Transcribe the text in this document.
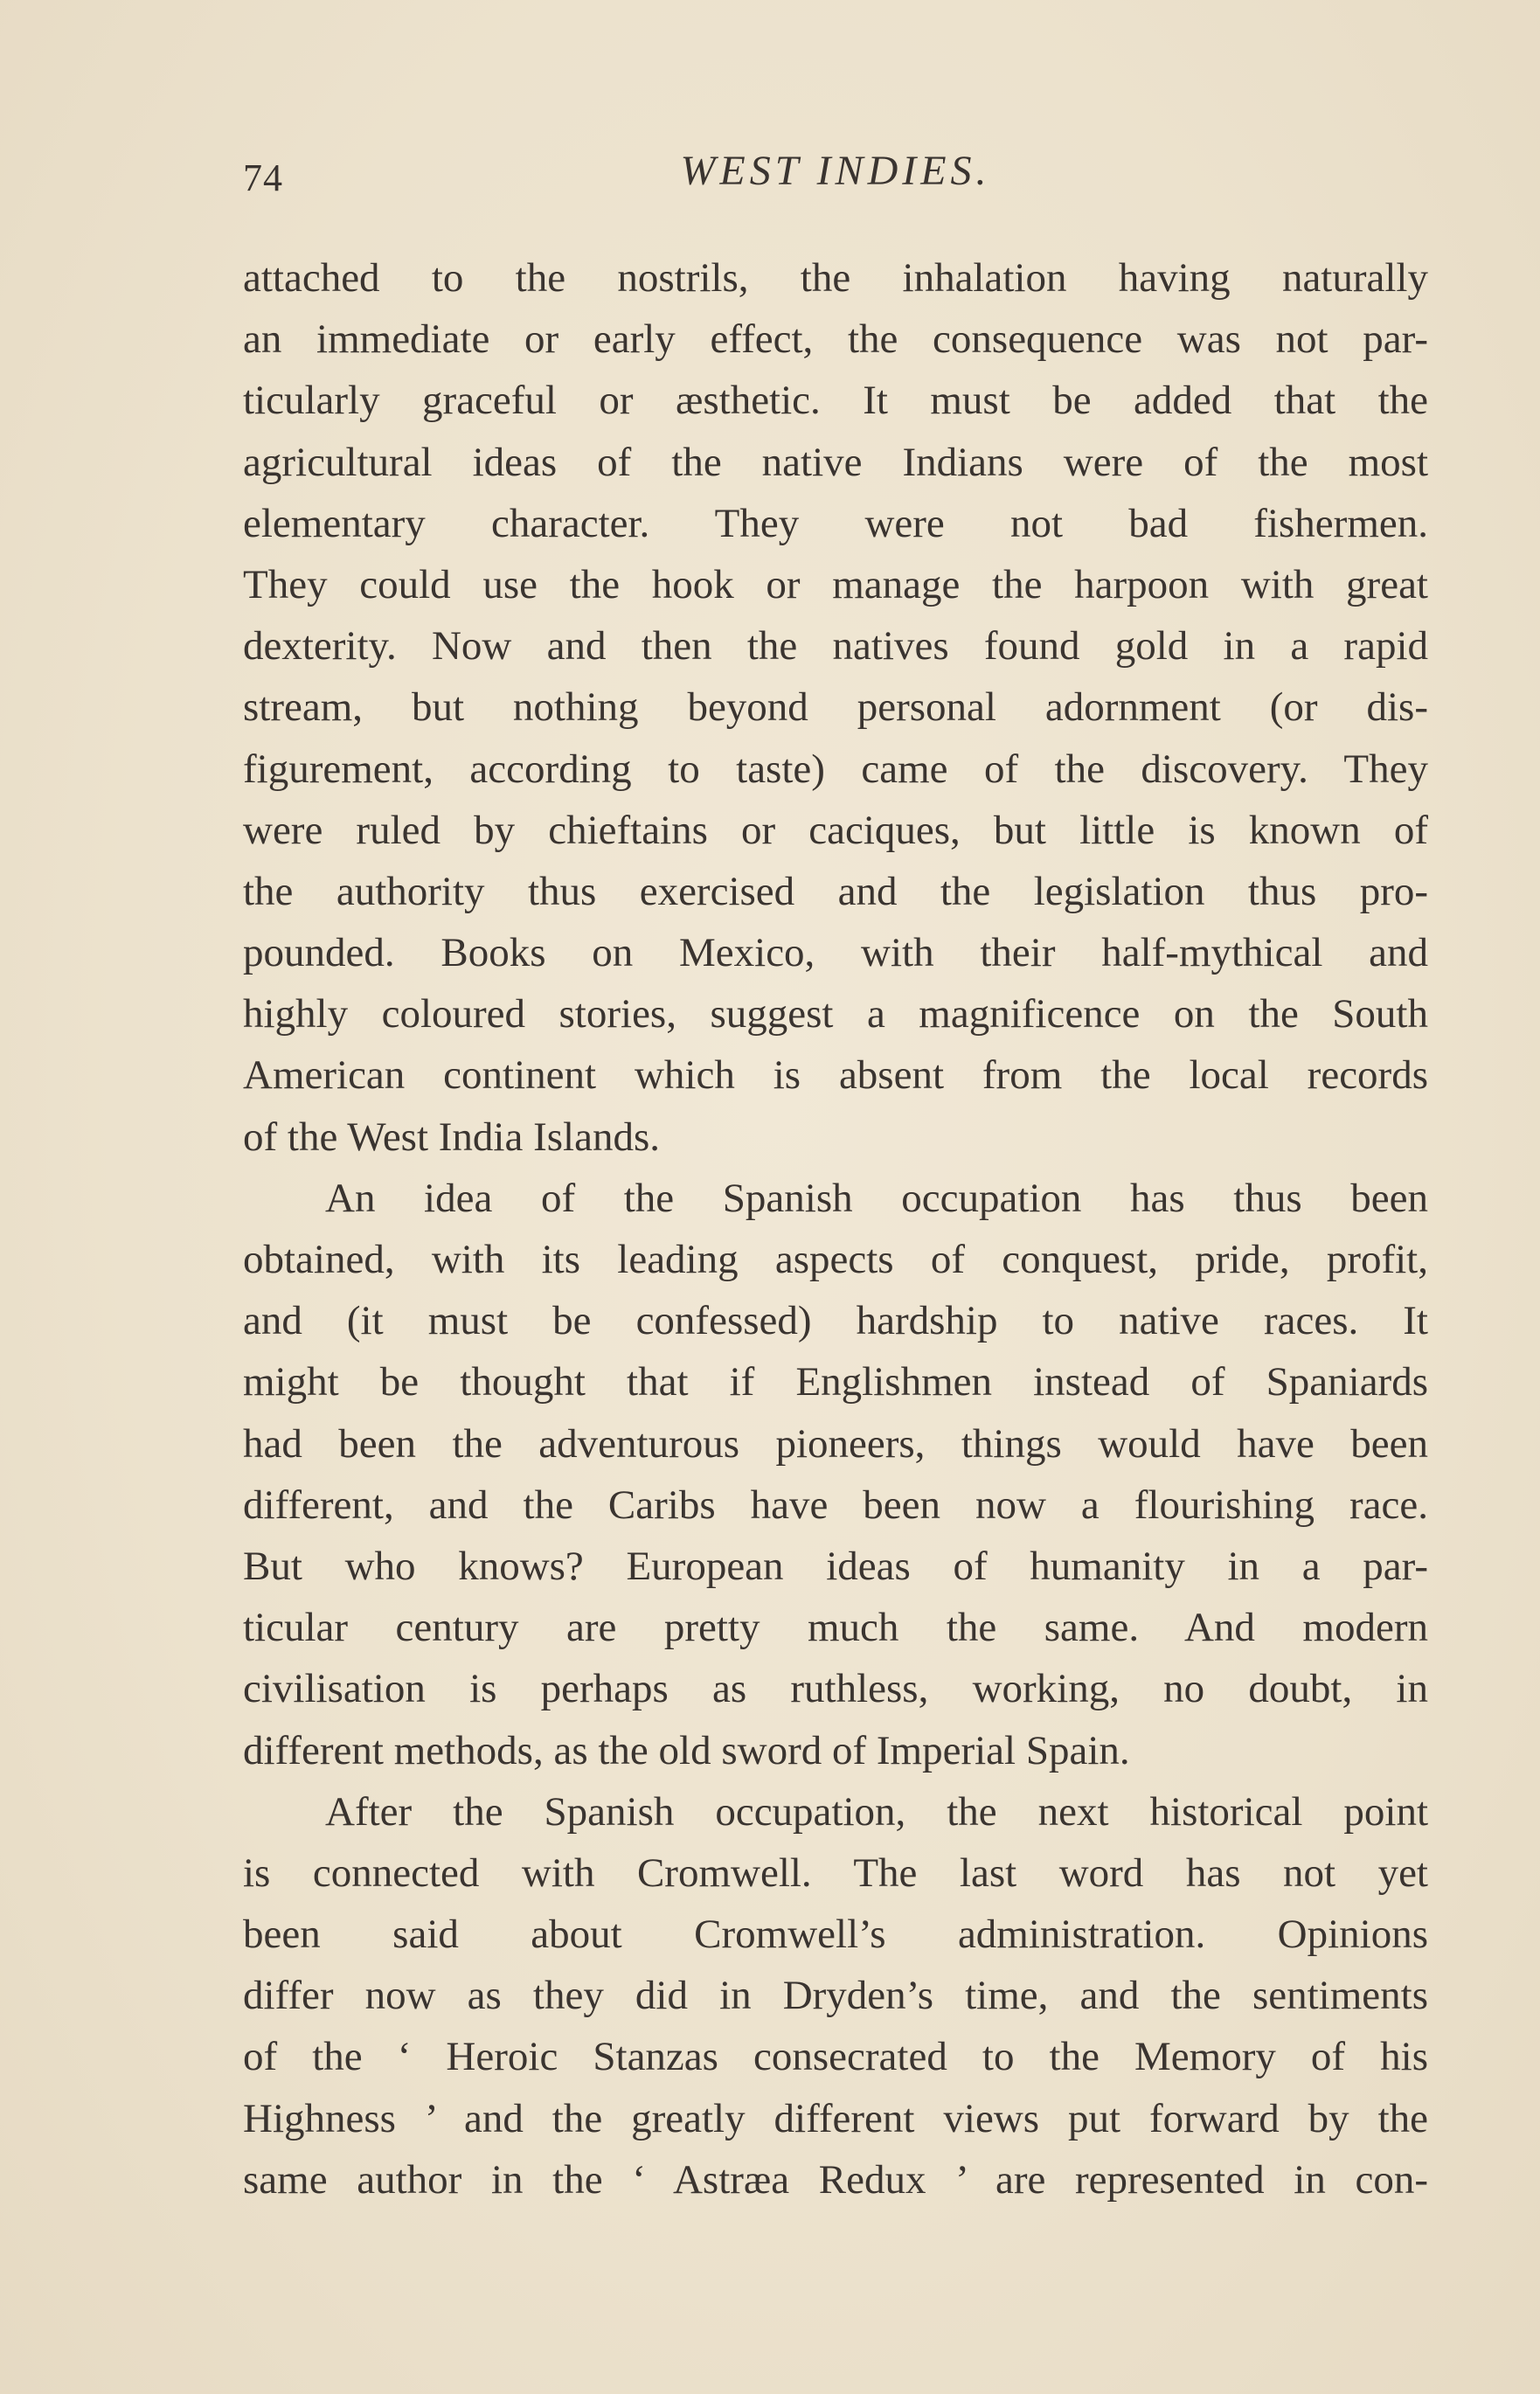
74	WEST INDIES.
attached to the nostrils, the inhalation having naturally
an immediate or early effect, the consequence was not par-
ticularly graceful or æsthetic. It must be added that the
agricultural ideas of the native Indians were of the most
elementary character. They were not bad fishermen.
They could use the hook or manage the harpoon with great
dexterity. Now and then the natives found gold in a rapid
stream, but nothing beyond personal adornment (or dis-
figurement, according to taste) came of the discovery. They
were ruled by chieftains or caciques, but little is known of
the authority thus exercised and the legislation thus pro-
pounded. Books on Mexico, with their half-mythical and
highly coloured stories, suggest a magnificence on the South
American continent which is absent from the local records
of the West India Islands.
An idea of the Spanish occupation has thus been
obtained, with its leading aspects of conquest, pride, profit,
and (it must be confessed) hardship to native races. It
might be thought that if Englishmen instead of Spaniards
had been the adventurous pioneers, things would have been
different, and the Caribs have been now a flourishing race.
But who knows? European ideas of humanity in a par-
ticular century are pretty much the same. And modern
civilisation is perhaps as ruthless, working, no doubt, in
different methods, as the old sword of Imperial Spain.
After the Spanish occupation, the next historical point
is connected with Cromwell. The last word has not yet
been said about Cromwell’s administration. Opinions
differ now as they did in Dryden’s time, and the sentiments
of the ‘ Heroic Stanzas consecrated to the Memory of his
Highness ’ and the greatly different views put forward by the
same author in the ‘ Astræa Redux ’ are represented in con-
